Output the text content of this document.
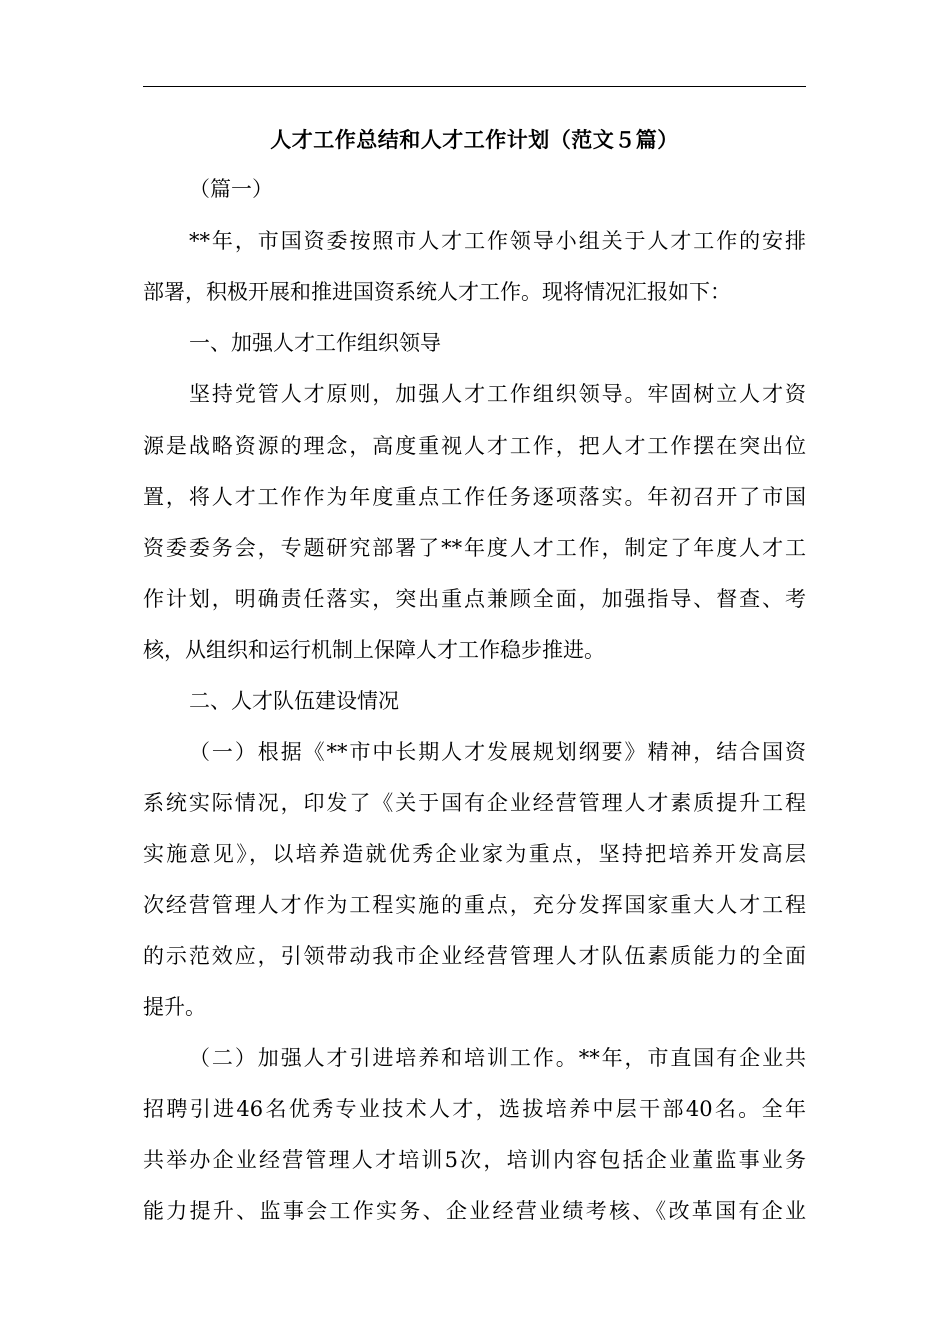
人才工作总结和人才工作计划（范文５篇）
（篇一）
**年，市国资委按照市人才工作领导小组关于人才工作的安排
部署，积极开展和推进国资系统人才工作。现将情况汇报如下：
一、加强人才工作组织领导
坚持党管人才原则，加强人才工作组织领导。牢固树立人才资
源是战略资源的理念，高度重视人才工作，把人才工作摆在突出位
置，将人才工作作为年度重点工作任务逐项落实。年初召开了市国
资委委务会，专题研究部署了**年度人才工作，制定了年度人才工
作计划，明确责任落实，突出重点兼顾全面，加强指导、督查、考
核，从组织和运行机制上保障人才工作稳步推进。
二、人才队伍建设情况
（一）根据《**市中长期人才发展规划纲要》精神，结合国资
系统实际情况，印发了《关于国有企业经营管理人才素质提升工程
实施意见》，以培养造就优秀企业家为重点，坚持把培养开发高层
次经营管理人才作为工程实施的重点，充分发挥国家重大人才工程
的示范效应，引领带动我市企业经营管理人才队伍素质能力的全面
提升。
（二）加强人才引进培养和培训工作。**年，市直国有企业共
招聘引进46名优秀专业技术人才，选拔培养中层干部40名。全年
共举办企业经营管理人才培训5次，培训内容包括企业董监事业务
能力提升、监事会工作实务、企业经营业绩考核、《改革国有企业
